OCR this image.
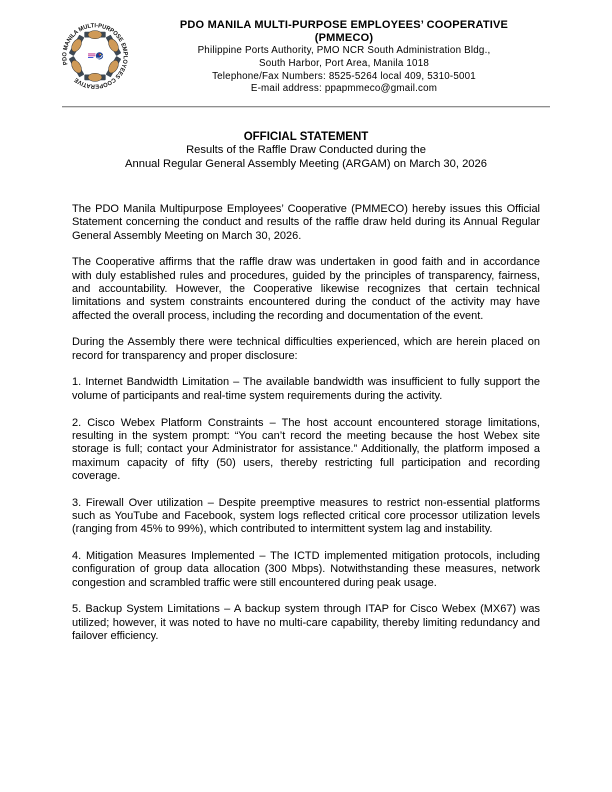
PDO MANILA MULTI-PURPOSE EMPLOYEES COOPERATIVE
PDO MANILA MULTI-PURPOSE EMPLOYEES’ COOPERATIVE
(PMMECO)
Philippine Ports Authority, PMO NCR South Administration Bldg.,
South Harbor, Port Area, Manila 1018
Telephone/Fax Numbers: 8525-5264 local 409, 5310-5001
E-mail address: ppapmmeco@gmail.com
OFFICIAL STATEMENT
Results of the Raffle Draw Conducted during the
Annual Regular General Assembly Meeting (ARGAM) on March 30, 2026

The PDO Manila Multipurpose Employees’ Cooperative (PMMECO) hereby issues this Official Statement concerning the conduct and results of the raffle draw held during its Annual Regular General Assembly Meeting on March 30, 2026.

The Cooperative affirms that the raffle draw was undertaken in good faith and in accordance with duly established rules and procedures, guided by the principles of transparency, fairness, and accountability. However, the Cooperative likewise recognizes that certain technical limitations and system constraints encountered during the conduct of the activity may have affected the overall process, including the recording and documentation of the event.

During the Assembly there were technical difficulties experienced, which are herein placed on record for transparency and proper disclosure:

1. Internet Bandwidth Limitation – The available bandwidth was insufficient to fully support the volume of participants and real-time system requirements during the activity.

2. Cisco Webex Platform Constraints – The host account encountered storage limitations, resulting in the system prompt: “You can’t record the meeting because the host Webex site storage is full; contact your Administrator for assistance.” Additionally, the platform imposed a maximum capacity of fifty (50) users, thereby restricting full participation and recording coverage.

3. Firewall Over utilization – Despite preemptive measures to restrict non-essential platforms such as YouTube and Facebook, system logs reflected critical core processor utilization levels (ranging from 45% to 99%), which contributed to intermittent system lag and instability.

4. Mitigation Measures Implemented – The ICTD implemented mitigation protocols, including configuration of group data allocation (300 Mbps). Notwithstanding these measures, network congestion and scrambled traffic were still encountered during peak usage.

5. Backup System Limitations – A backup system through ITAP for Cisco Webex (MX67) was utilized; however, it was noted to have no multi-care capability, thereby limiting redundancy and failover efficiency.
